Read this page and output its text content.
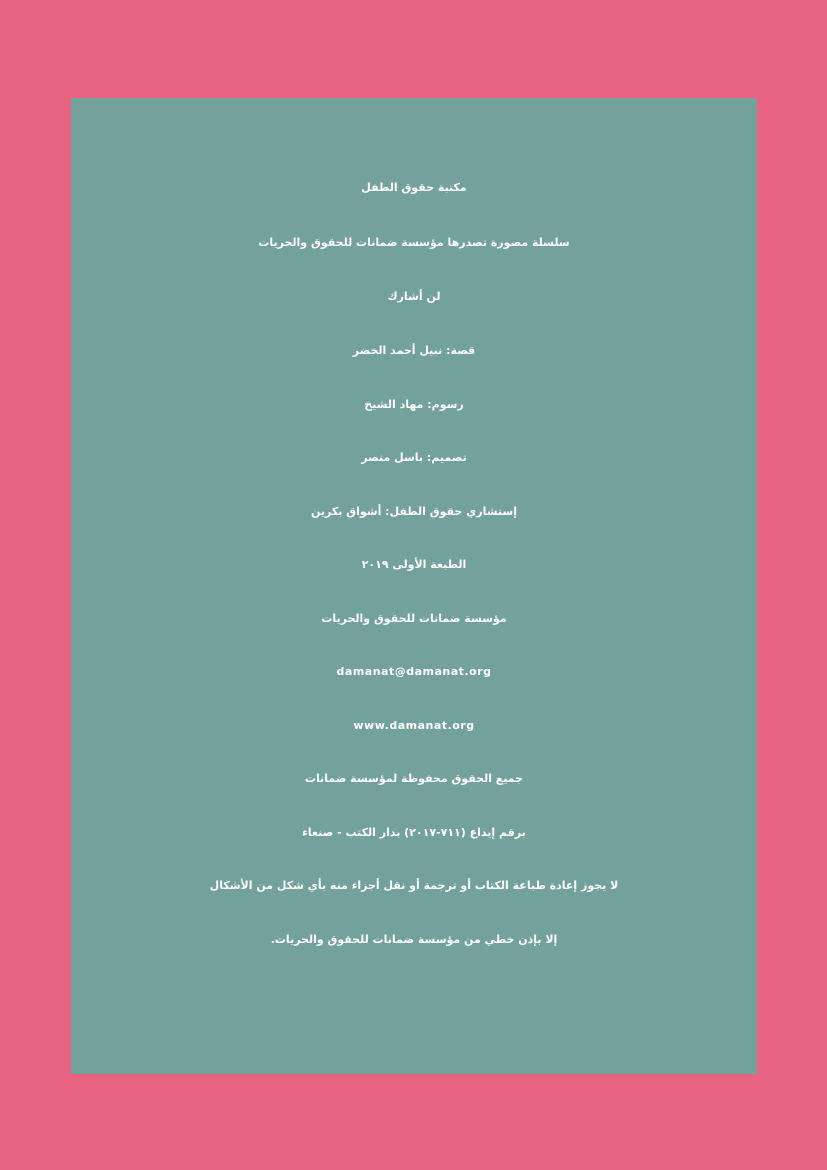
مكتبة حقوق الطفل
سلسلة مصورة تصدرها مؤسسة ضمانات للحقوق والحريات
لن أشارك
قصة: نبيل أحمد الخضر
رسوم: مهاد الشيخ
تصميم: باسل منصر
إستشاري حقوق الطفل: أشواق بكرين
الطبعة الأولى ٢٠١٩
مؤسسة ضمانات للحقوق والحريات
damanat@damanat.org
www.damanat.org
جميع الحقوق محفوظة لمؤسسة ضمانات
برقم إيداع (٧١١-٢٠١٧) بدار الكتب - صنعاء
لا يجوز إعادة طباعة الكتاب أو ترجمة أو نقل أجزاء منه بأي شكل من الأشكال
إلا بإذن خطي من مؤسسة ضمانات للحقوق والحريات.
